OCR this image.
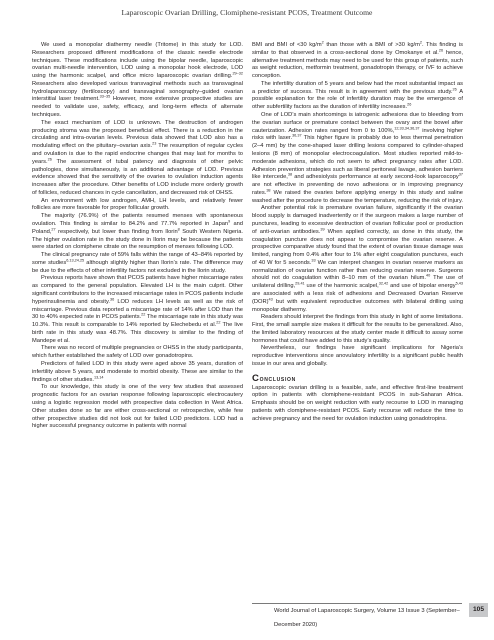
Laparoscopic Ovarian Drilling, Clomiphene-resistant PCOS, Treatment Outcome

We used a monopolar diathermy needle (Tritome) in this study for LOD. Researchers proposed different modifications of the classic needle electrode techniques. These modifications include using the bipolar needle, laparoscopic ovarian multi-needle intervention, LOD using a monopolar hook electrode, LOD using the harmonic scalpel, and office micro laparoscopic ovarian drilling.$^{29-32}$ Researchers also developed various transvaginal methods such as transvaginal hydrolaparoscopy (fertiloscopy) and transvaginal sonography–guided ovarian interstitial laser treatment.$^{33-35}$ However, more extensive prospective studies are needed to validate use, safety, efficacy, and long-term effects of alternate techniques.

The exact mechanism of LOD is unknown. The destruction of androgen producing stroma was the proposed beneficial effect. There is a reduction in the circulating and intra-ovarian levels. Previous data showed that LOD also has a modulating effect on the pituitary–ovarian axis.$^{23}$ The resumption of regular cycles and ovulation is due to the rapid endocrine changes that may last for months to years.$^{26}$ The assessment of tubal patency and diagnosis of other pelvic pathologies, done simultaneously, is an additional advantage of LOD. Previous evidence showed that the sensitivity of the ovaries to ovulation induction agents increases after the procedure. Other benefits of LOD include more orderly growth of follicles, reduced chances in cycle cancellation, and decreased risk of OHSS.

An environment with low androgen, AMH, LH levels, and relatively fewer follicles are more favorable for proper follicular growth.

The majority (76.9%) of the patients resumed menses with spontaneous ovulation. This finding is similar to 84.2% and 77.7% reported in Japan$^9$ and Poland,$^{27}$ respectively, but lower than finding from Ilorin$^8$ South Western Nigeria. The higher ovulation rate in the study done in Ilorin may be because the patients were started on clomiphene citrate on the resumption of menses following LOD.

The clinical pregnancy rate of 59% falls within the range of 43–84% reported by some studies$^{6,13,24,25}$ although slightly higher than Ilorin’s rate. The difference may be due to the effects of other infertility factors not excluded in the Ilorin study.

Previous reports have shown that PCOS patients have higher miscarriage rates as compared to the general population. Elevated LH is the main culprit. Other significant contributors to the increased miscarriage rates in PCOS patients include hyperinsulinemia and obesity.$^{36}$ LOD reduces LH levels as well as the risk of miscarriage. Previous data reported a miscarriage rate of 14% after LOD than the 30 to 40% expected rate in PCOS patients.$^{22}$ The miscarriage rate in this study was 10.3%. This result is comparable to 14% reported by Elechebedu et al.$^{22}$ The live birth rate in this study was 48.7%. This discovery is similar to the finding of Mandepe et al.

There was no record of multiple pregnancies or OHSS in the study participants, which further established the safety of LOD over gonadotropins.

Predictors of failed LOD in this study were aged above 35 years, duration of infertility above 5 years, and moderate to morbid obesity. These are similar to the findings of other studies.$^{13,14}$

To our knowledge, this study is one of the very few studies that assessed prognostic factors for an ovarian response following laparoscopic electrocautery using a logistic regression model with prospective data collection in West Africa. Other studies done so far are either cross-sectional or retrospective, while few other prospective studies did not look out for failed LOD predictors. LOD had a higher successful pregnancy outcome in patients with normal

BMI and BMI of <30 $kg/m^2$ than those with a BMI of >30 $kg/m^2$. This finding is similar to that observed in a cross-sectional done by Omokanye et al.$^{26}$ hence, alternative treatment methods may need to be used for this group of patients, such as weight reduction, metformin treatment, gonadotropin therapy, or IVF to achieve conception.

The infertility duration of 5 years and below had the most substantial impact as a predictor of success. This result is in agreement with the previous study.$^{26}$ A possible explanation for the role of infertility duration may be the emergence of other subfertility factors as the duration of infertility increases.$^{26}$

One of LOD’s main shortcomings is iatrogenic adhesions due to bleeding from the ovarian surface or premature contact between the ovary and the bowel after cauterization. Adhesion rates ranged from 0 to 100%,$^{12,33,34,36,37}$ involving higher risks with laser.$^{36,37}$ This higher figure is probably due to less thermal penetration (2–4 mm) by the cone-shaped laser drilling lesions compared to cylinder-shaped lesions (8 mm) of monopolar electrocoagulation. Most studies reported mild-to-moderate adhesions, which do not seem to affect pregnancy rates after LOD. Adhesion prevention strategies such as liberal peritoneal lavage, adhesion barriers like intercede,$^{38}$ and adhesiolysis performance at early second-look laparoscopy$^{37}$ are not effective in preventing de novo adhesions or in improving pregnancy rates.$^{38}$ We raised the ovaries before applying energy in this study and saline washed after the procedure to decrease the temperature, reducing the risk of injury.

Another potential risk is premature ovarian failure, significantly if the ovarian blood supply is damaged inadvertently or if the surgeon makes a large number of punctures, leading to excessive destruction of ovarian follicular pool or production of anti-ovarian antibodies.$^{39}$ When applied correctly, as done in this study, the coagulation puncture does not appear to compromise the ovarian reserve. A prospective comparative study found that the extent of ovarian tissue damage was limited, ranging from 0.4% after four to 1% after eight coagulation punctures, each of 40 W for 5 seconds.$^{33}$ We can interpret changes in ovarian reserve markers as normalization of ovarian function rather than reducing ovarian reserve. Surgeons should not do coagulation within 8–10 mm of the ovarian hilum.$^{40}$ The use of unilateral drilling,$^{29,41}$ use of the harmonic scalpel,$^{32,42}$ and use of bipolar energy$^{5,43}$ are associated with a less risk of adhesions and Decreased Ovarian Reserve (DOR)$^{43}$ but with equivalent reproductive outcomes with bilateral drilling using monopolar diathermy.

Readers should interpret the findings from this study in light of some limitations. First, the small sample size makes it difficult for the results to be generalized. Also, the limited laboratory resources at the study center made it difficult to assay some hormones that could have added to this study’s quality.

Nevertheless, our findings have significant implications for Nigeria’s reproductive interventions since anovulatory infertility is a significant public health issue in our area and globally.

Conclusion

Laparoscopic ovarian drilling is a feasible, safe, and effective first-line treatment option in patients with clomiphene-resistant PCOS in sub-Saharan Africa. Emphasis should be on weight reduction with early recourse to LOD in managing patients with clomiphene-resistant PCOS. Early recourse will reduce the time to achieve pregnancy and the need for ovulation induction using gonadotropins.

World Journal of Laparoscopic Surgery, Volume 13 Issue 3 (September–December 2020)
105
